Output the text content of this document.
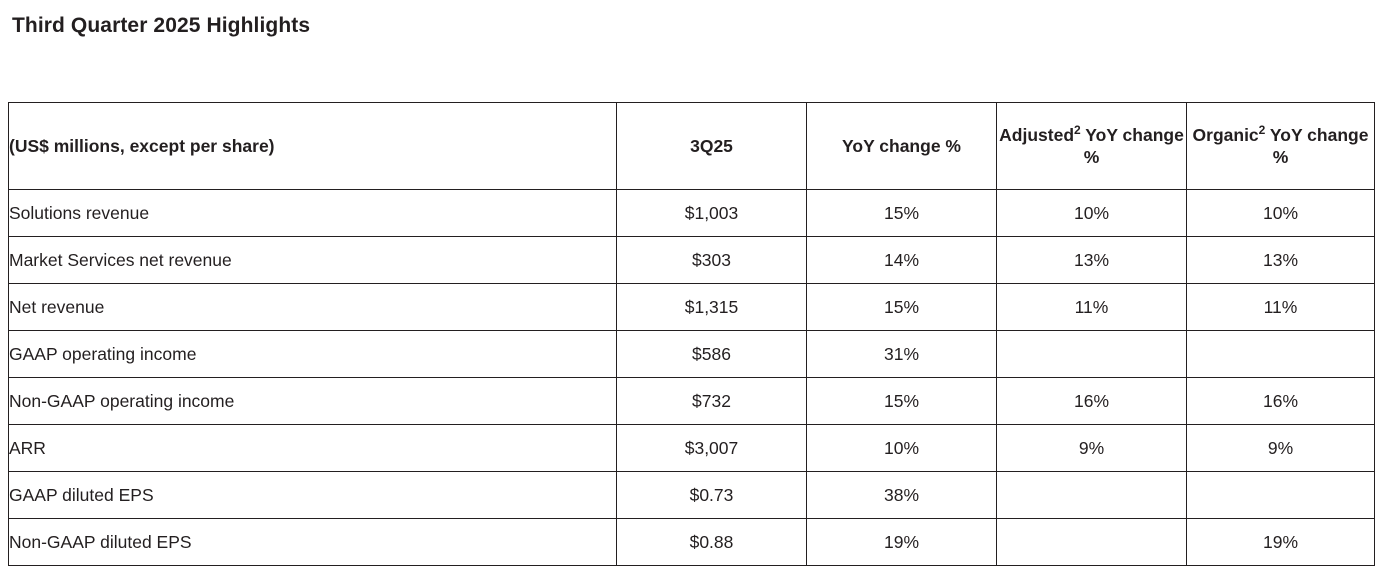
Third Quarter 2025 Highlights
(US$ millions, except per share)	3Q25	YoY change %	Adjusted$^2$ YoY change %	Organic$^2$ YoY change %
Solutions revenue	$1,003	15%	10%	10%
Market Services net revenue	$303	14%	13%	13%
Net revenue	$1,315	15%	11%	11%
GAAP operating income	$586	31%		
Non-GAAP operating income	$732	15%	16%	16%
ARR	$3,007	10%	9%	9%
GAAP diluted EPS	$0.73	38%		
Non-GAAP diluted EPS	$0.88	19%		19%
